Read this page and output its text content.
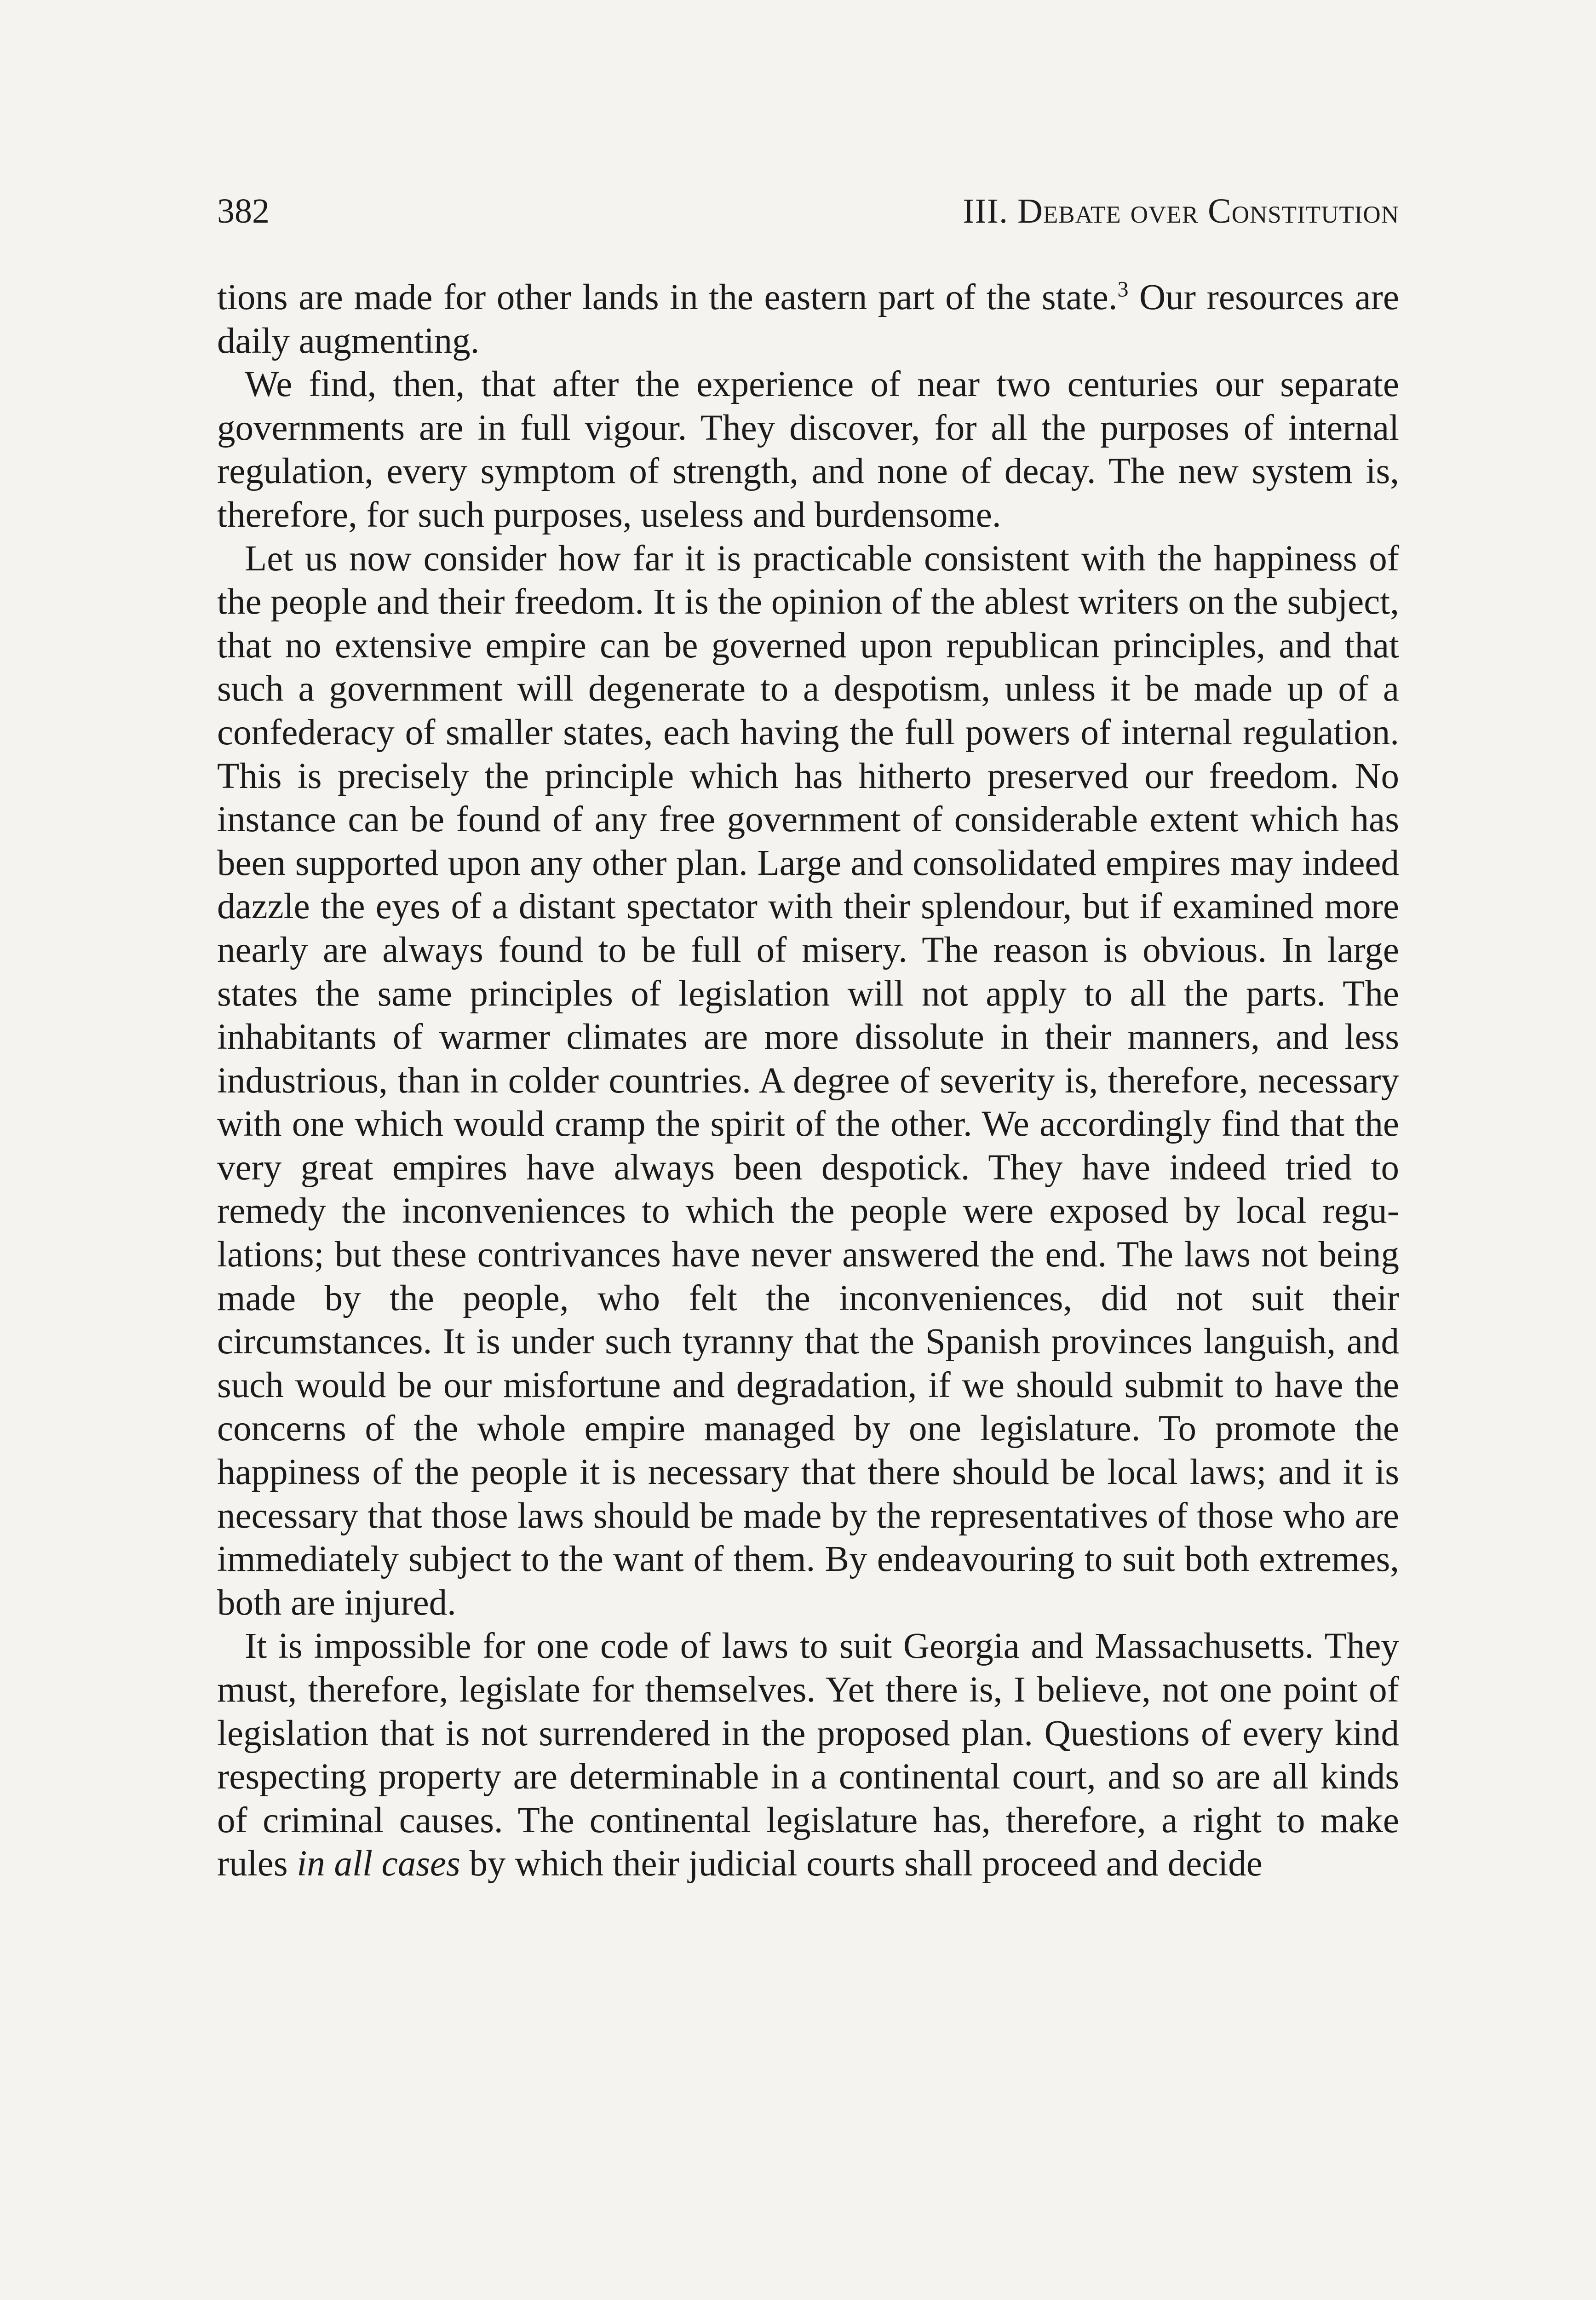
382	III. Debate over Constitution

tions are made for other lands in the eastern part of the state.$^3$ Our resources are daily augmenting.

We find, then, that after the experience of near two centuries our separate governments are in full vigour. They discover, for all the purposes of internal regulation, every symptom of strength, and none of decay. The new system is, therefore, for such purposes, useless and burdensome.

Let us now consider how far it is practicable consistent with the happiness of the people and their freedom. It is the opinion of the ablest writers on the subject, that no extensive empire can be governed upon republican principles, and that such a government will degenerate to a despotism, unless it be made up of a confederacy of smaller states, each having the full powers of internal regulation. This is precisely the principle which has hitherto preserved our freedom. No instance can be found of any free government of considerable extent which has been supported upon any other plan. Large and consolidated empires may indeed dazzle the eyes of a distant spectator with their splendour, but if examined more nearly are always found to be full of misery. The reason is obvious. In large states the same principles of legislation will not apply to all the parts. The inhabitants of warmer climates are more dissolute in their manners, and less industrious, than in colder countries. A degree of severity is, therefore, necessary with one which would cramp the spirit of the other. We accordingly find that the very great empires have always been despotick. They have indeed tried to remedy the inconveniences to which the people were exposed by local regulations; but these contrivances have never answered the end. The laws not being made by the people, who felt the inconveniences, did not suit their circumstances. It is under such tyranny that the Spanish provinces languish, and such would be our misfortune and degradation, if we should submit to have the concerns of the whole empire managed by one legislature. To promote the happiness of the people it is necessary that there should be local laws; and it is necessary that those laws should be made by the representatives of those who are immediately subject to the want of them. By endeavouring to suit both extremes, both are injured.

It is impossible for one code of laws to suit Georgia and Massachusetts. They must, therefore, legislate for themselves. Yet there is, I believe, not one point of legislation that is not surrendered in the proposed plan. Questions of every kind respecting property are determinable in a continental court, and so are all kinds of criminal causes. The continental legislature has, therefore, a right to make rules in all cases by which their judicial courts shall proceed and decide
